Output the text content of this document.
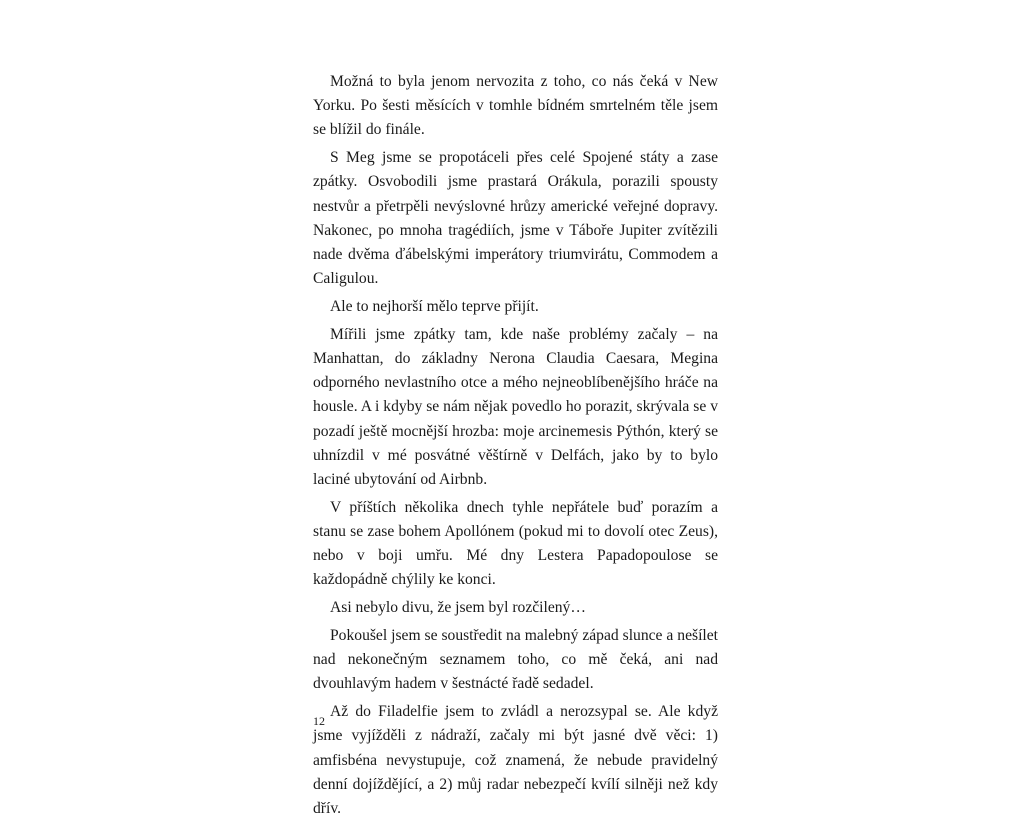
Možná to byla jenom nervozita z toho, co nás čeká v New Yorku. Po šesti měsících v tomhle bídném smrtelném těle jsem se blížil do finále.

S Meg jsme se propotáceli přes celé Spojené státy a zase zpátky. Osvobodili jsme prastará Orákula, porazili spousty nestvůr a přetrpěli nevýslovné hrůzy americké veřejné dopravy. Nakonec, po mnoha tragédiích, jsme v Táboře Jupiter zvítězili nade dvěma ďábelskými imperátory triumvirátu, Commodem a Caligulou.

Ale to nejhorší mělo teprve přijít.

Mířili jsme zpátky tam, kde naše problémy začaly – na Manhattan, do základny Nerona Claudia Caesara, Megina odporného nevlastního otce a mého nejneoblíbenějšího hráče na housle. A i kdyby se nám nějak povedlo ho porazit, skrývala se v pozadí ještě mocnější hrozba: moje arcinemesis Pýthón, který se uhnízdil v mé posvátné věštírně v Delfách, jako by to bylo laciné ubytování od Airbnb.

V příštích několika dnech tyhle nepřátele buď porazím a stanu se zase bohem Apollónem (pokud mi to dovolí otec Zeus), nebo v boji umřu. Mé dny Lestera Papadopoulose se každopádně chýlily ke konci.

Asi nebylo divu, že jsem byl rozčilený…

Pokoušel jsem se soustředit na malebný západ slunce a nešílet nad nekonečným seznamem toho, co mě čeká, ani nad dvouhlavým hadem v šestnácté řadě sedadel.

Až do Filadelfie jsem to zvládl a nerozsypal se. Ale když jsme vyjížděli z nádraží, začaly mi být jasné dvě věci: 1) amfisbéna nevystupuje, což znamená, že nebude pravidelný denní dojíždějící, a 2) můj radar nebezpečí kvílí silněji než kdy dřív.

12
